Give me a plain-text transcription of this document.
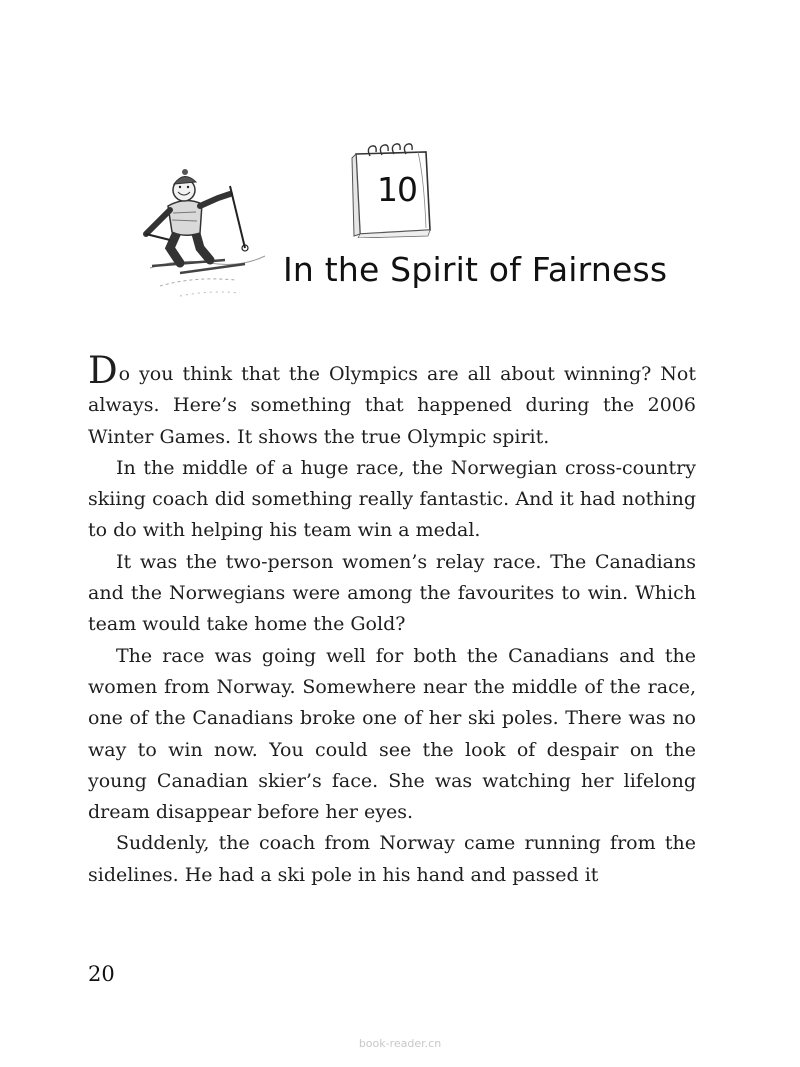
10
In the Spirit of Fairness

Do you think that the Olympics are all about winning? Not always. Here’s something that happened during the 2006 Winter Games. It shows the true Olympic spirit.

In the middle of a huge race, the Norwegian cross-country skiing coach did something really fantastic. And it had nothing to do with helping his team win a medal.

It was the two-person women’s relay race. The Canadians and the Norwegians were among the favourites to win. Which team would take home the Gold?

The race was going well for both the Canadians and the women from Norway. Somewhere near the middle of the race, one of the Canadians broke one of her ski poles. There was no way to win now. You could see the look of despair on the young Canadian skier’s face. She was watching her lifelong dream disappear before her eyes.

Suddenly, the coach from Norway came running from the sidelines. He had a ski pole in his hand and passed it

20
book-reader.cn
